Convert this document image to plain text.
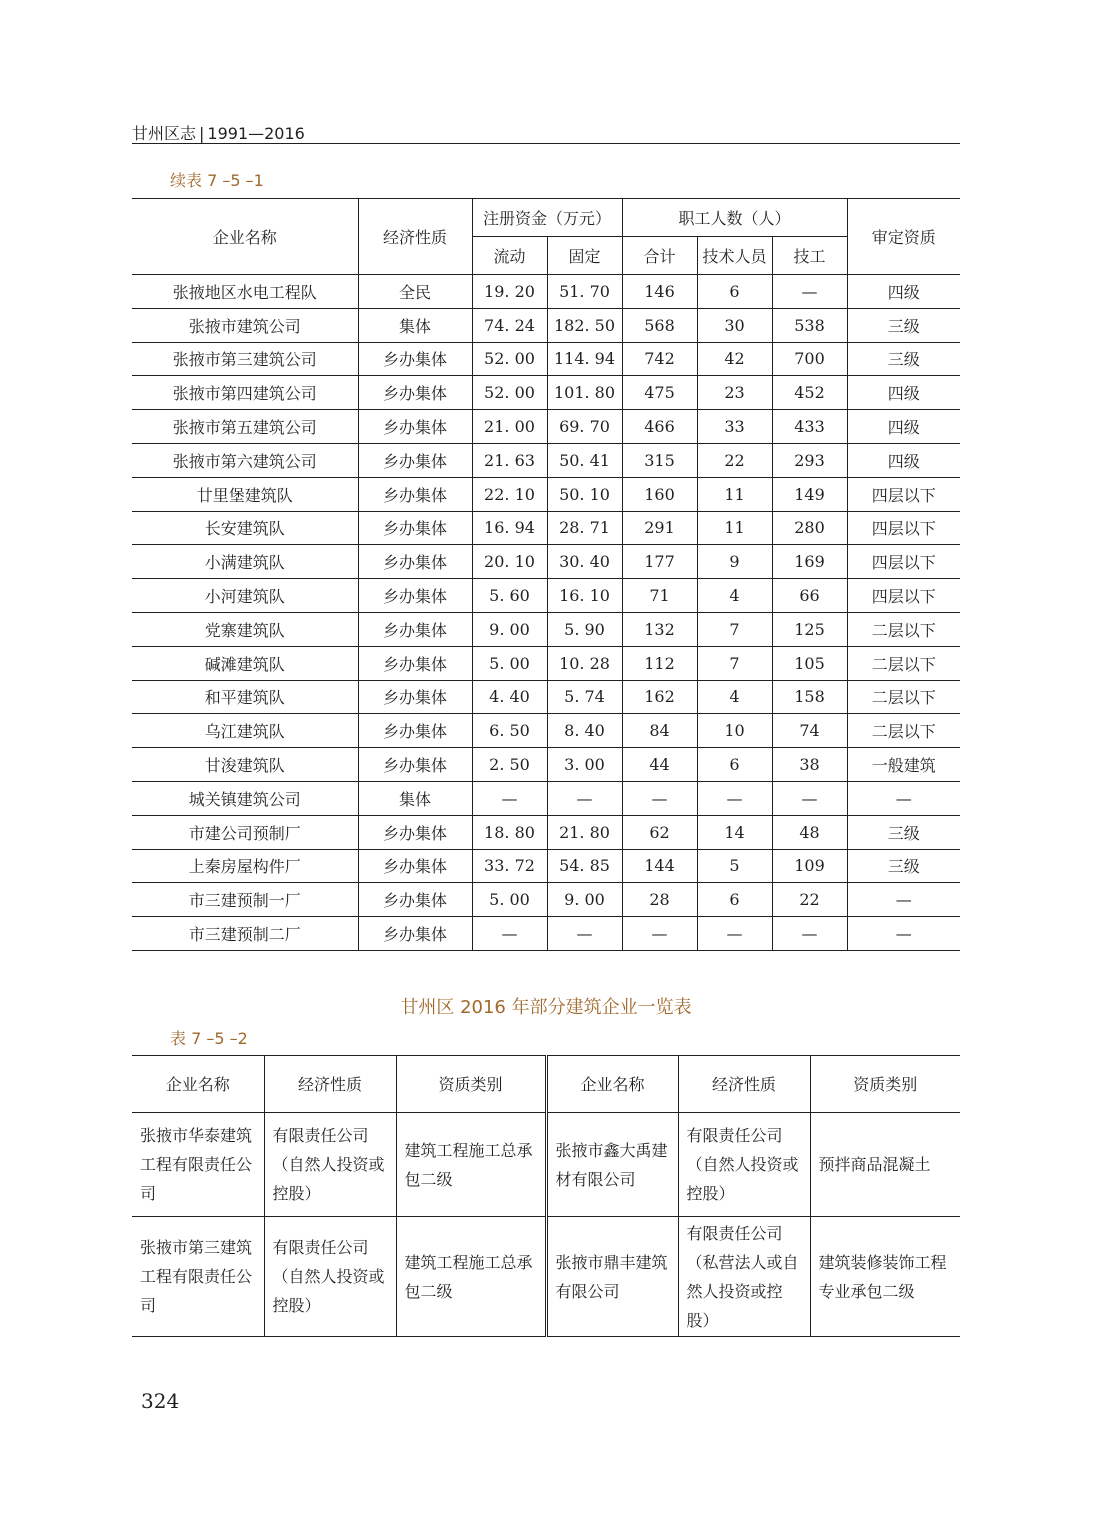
甘州区志 | 1991—2016
续表 7 –5 –1
企业名称	经济性质	注册资金（万元）		职工人数（人）			审定资质
		流动	固定	合计	技术人员	技工	
张掖地区水电工程队	全民	19. 20	51. 70	146	6	—	四级
张掖市建筑公司	集体	74. 24	182. 50	568	30	538	三级
张掖市第三建筑公司	乡办集体	52. 00	114. 94	742	42	700	三级
张掖市第四建筑公司	乡办集体	52. 00	101. 80	475	23	452	四级
张掖市第五建筑公司	乡办集体	21. 00	69. 70	466	33	433	四级
张掖市第六建筑公司	乡办集体	21. 63	50. 41	315	22	293	四级
廿里堡建筑队	乡办集体	22. 10	50. 10	160	11	149	四层以下
长安建筑队	乡办集体	16. 94	28. 71	291	11	280	四层以下
小满建筑队	乡办集体	20. 10	30. 40	177	9	169	四层以下
小河建筑队	乡办集体	5. 60	16. 10	71	4	66	四层以下
党寨建筑队	乡办集体	9. 00	5. 90	132	7	125	二层以下
碱滩建筑队	乡办集体	5. 00	10. 28	112	7	105	二层以下
和平建筑队	乡办集体	4. 40	5. 74	162	4	158	二层以下
乌江建筑队	乡办集体	6. 50	8. 40	84	10	74	二层以下
甘浚建筑队	乡办集体	2. 50	3. 00	44	6	38	一般建筑
城关镇建筑公司	集体	—	—	—	—	—	—
市建公司预制厂	乡办集体	18. 80	21. 80	62	14	48	三级
上秦房屋构件厂	乡办集体	33. 72	54. 85	144	5	109	三级
市三建预制一厂	乡办集体	5. 00	9. 00	28	6	22	—
市三建预制二厂	乡办集体	—	—	—	—	—	—
甘州区 2016 年部分建筑企业一览表
表 7 –5 –2
企业名称	经济性质	资质类别	企业名称	经济性质	资质类别
张掖市华泰建筑工程有限责任公司	有限责任公司（自然人投资或控股）	建筑工程施工总承包二级	张掖市鑫大禹建材有限公司	有限责任公司（自然人投资或控股）	预拌商品混凝土
张掖市第三建筑工程有限责任公司	有限责任公司（自然人投资或控股）	建筑工程施工总承包二级	张掖市鼎丰建筑有限公司	有限责任公司（私营法人或自然人投资或控股）	建筑装修装饰工程专业承包二级
324
